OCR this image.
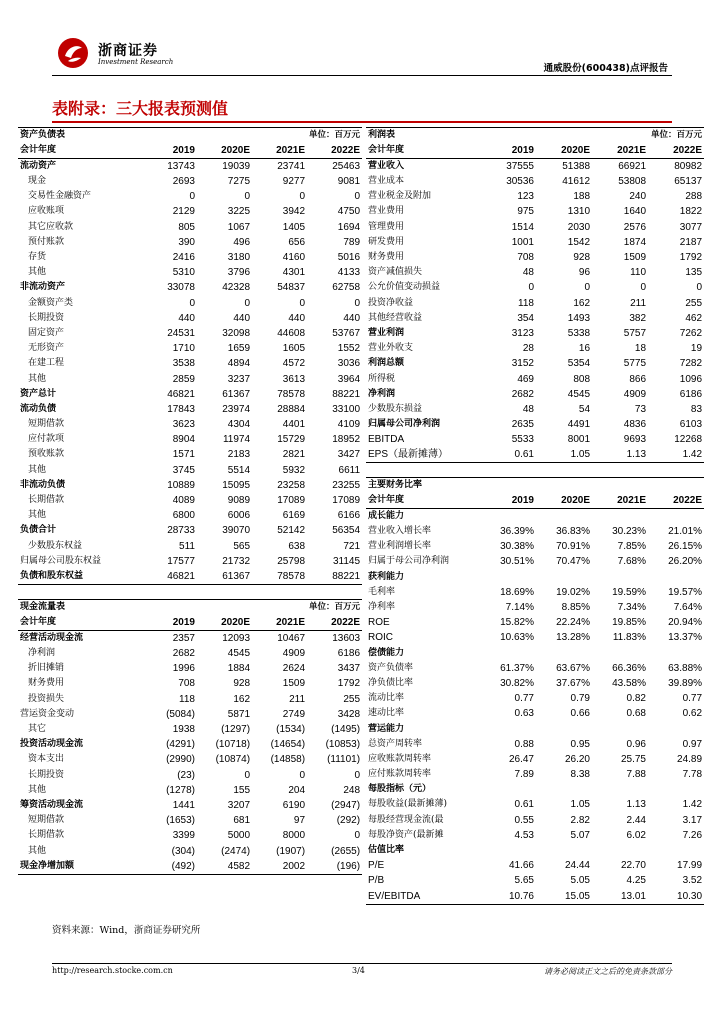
浙商证券
Investment Research
通威股份(600438)点评报告
表附录：三大报表预测值
资产负债表			单位：百万元	
会计年度	2019	2020E	2021E	2022E
流动资产	13743	19039	23741	25463
现金	2693	7275	9277	9081
交易性金融资产	0	0	0	0
应收账项	2129	3225	3942	4750
其它应收款	805	1067	1405	1694
预付账款	390	496	656	789
存货	2416	3180	4160	5016
其他	5310	3796	4301	4133
非流动资产	33078	42328	54837	62758
金额资产类	0	0	0	0
长期投资	440	440	440	440
固定资产	24531	32098	44608	53767
无形资产	1710	1659	1605	1552
在建工程	3538	4894	4572	3036
其他	2859	3237	3613	3964
资产总计	46821	61367	78578	88221
流动负债	17843	23974	28884	33100
短期借款	3623	4304	4401	4109
应付款项	8904	11974	15729	18952
预收账款	1571	2183	2821	3427
其他	3745	5514	5932	6611
非流动负债	10889	15095	23258	23255
长期借款	4089	9089	17089	17089
其他	6800	6006	6169	6166
负债合计	28733	39070	52142	56354
少数股东权益	511	565	638	721
归属母公司股东权益	17577	21732	25798	31145
负债和股东权益	46821	61367	78578	88221
现金流量表			单位：百万元	
会计年度	2019	2020E	2021E	2022E
经营活动现金流	2357	12093	10467	13603
净利润	2682	4545	4909	6186
折旧摊销	1996	1884	2624	3437
财务费用	708	928	1509	1792
投资损失	118	162	211	255
营运资金变动	(5084)	5871	2749	3428
其它	1938	(1297)	(1534)	(1495)
投资活动现金流	(4291)	(10718)	(14654)	(10853)
资本支出	(2990)	(10874)	(14858)	(11101)
长期投资	(23)	0	0	0
其他	(1278)	155	204	248
筹资活动现金流	1441	3207	6190	(2947)
短期借款	(1653)	681	97	(292)
长期借款	3399	5000	8000	0
其他	(304)	(2474)	(1907)	(2655)
现金净增加额	(492)	4582	2002	(196)
利润表			单位：百万元	
会计年度	2019	2020E	2021E	2022E
营业收入	37555	51388	66921	80982
营业成本	30536	41612	53808	65137
营业税金及附加	123	188	240	288
营业费用	975	1310	1640	1822
管理费用	1514	2030	2576	3077
研发费用	1001	1542	1874	2187
财务费用	708	928	1509	1792
资产减值损失	48	96	110	135
公允价值变动损益	0	0	0	0
投资净收益	118	162	211	255
其他经营收益	354	1493	382	462
营业利润	3123	5338	5757	7262
营业外收支	28	16	18	19
利润总额	3152	5354	5775	7282
所得税	469	808	866	1096
净利润	2682	4545	4909	6186
少数股东损益	48	54	73	83
归属母公司净利润	2635	4491	4836	6103
EBITDA	5533	8001	9693	12268
EPS（最新摊薄）	0.61	1.05	1.13	1.42
主要财务比率				
会计年度	2019	2020E	2021E	2022E
成长能力				
营业收入增长率	36.39%	36.83%	30.23%	21.01%
营业利润增长率	30.38%	70.91%	7.85%	26.15%
归属于母公司净利润	30.51%	70.47%	7.68%	26.20%
获利能力				
毛利率	18.69%	19.02%	19.59%	19.57%
净利率	7.14%	8.85%	7.34%	7.64%
ROE	15.82%	22.24%	19.85%	20.94%
ROIC	10.63%	13.28%	11.83%	13.37%
偿债能力				
资产负债率	61.37%	63.67%	66.36%	63.88%
净负债比率	30.82%	37.67%	43.58%	39.89%
流动比率	0.77	0.79	0.82	0.77
速动比率	0.63	0.66	0.68	0.62
营运能力				
总资产周转率	0.88	0.95	0.96	0.97
应收账款周转率	26.47	26.20	25.75	24.89
应付账款周转率	7.89	8.38	7.88	7.78
每股指标（元）				
每股收益(最新摊薄)	0.61	1.05	1.13	1.42
每股经营现金流(最	0.55	2.82	2.44	3.17
每股净资产(最新摊	4.53	5.07	6.02	7.26
估值比率				
P/E	41.66	24.44	22.70	17.99
P/B	5.65	5.05	4.25	3.52
EV/EBITDA	10.76	15.05	13.01	10.30
资料来源：Wind，浙商证券研究所
http://research.stocke.com.cn	3/4	请务必阅读正文之后的免责条款部分
